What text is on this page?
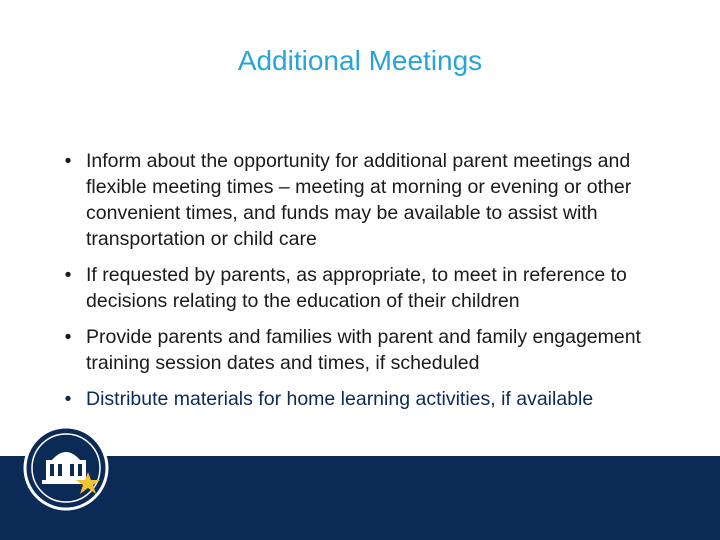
Additional Meetings
• Inform about the opportunity for additional parent meetings and flexible meeting times – meeting at morning or evening or other convenient times, and funds may be available to assist with transportation or child care
• If requested by parents, as appropriate, to meet in reference to decisions relating to the education of their children
• Provide parents and families with parent and family engagement training session dates and times, if scheduled
• Distribute materials for home learning activities, if available
